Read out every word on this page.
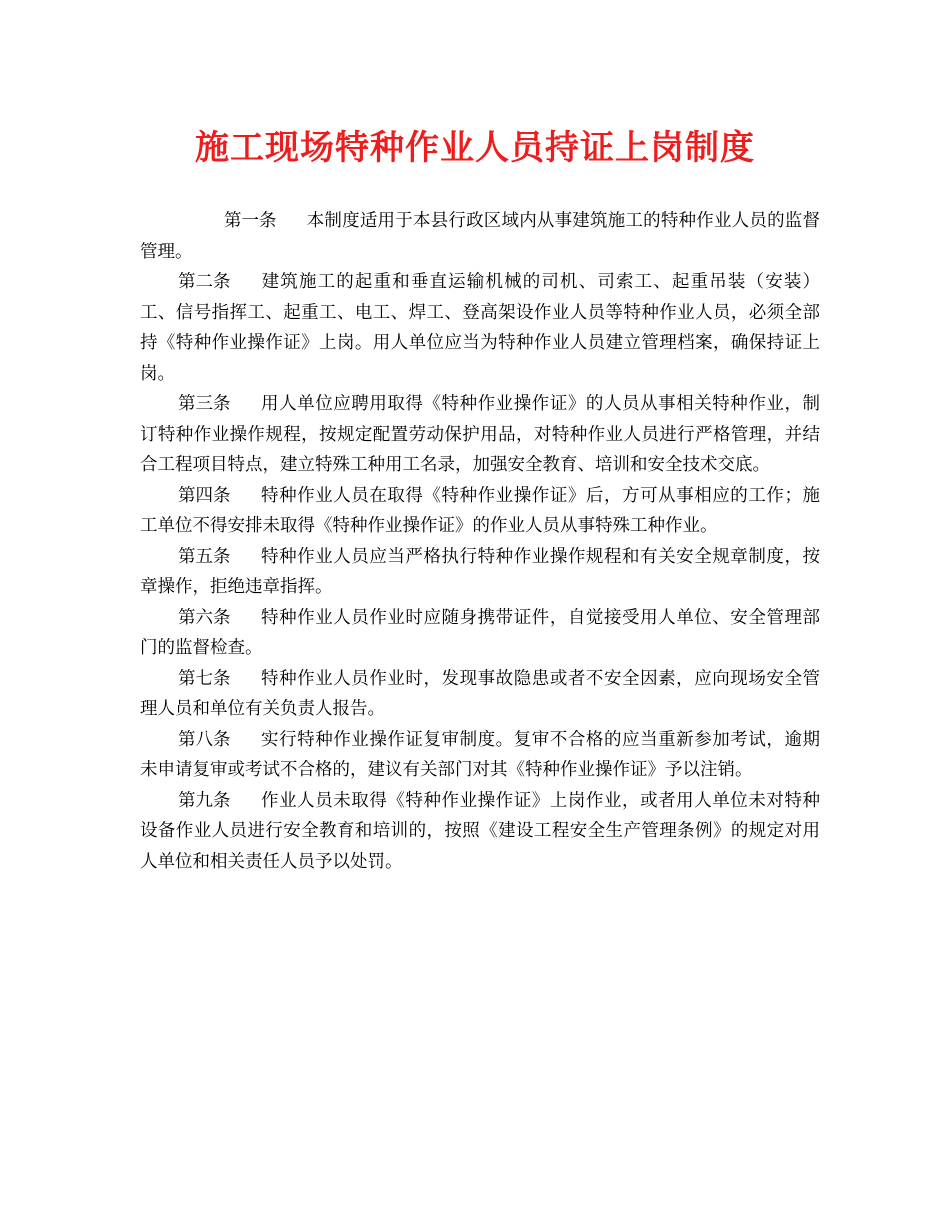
施工现场特种作业人员持证上岗制度

第一条 本制度适用于本县行政区域内从事建筑施工的特种作业人员的监督管理。

第二条 建筑施工的起重和垂直运输机械的司机、司索工、起重吊装（安装）工、信号指挥工、起重工、电工、焊工、登高架设作业人员等特种作业人员，必须全部持《特种作业操作证》上岗。用人单位应当为特种作业人员建立管理档案，确保持证上岗。

第三条 用人单位应聘用取得《特种作业操作证》的人员从事相关特种作业，制订特种作业操作规程，按规定配置劳动保护用品，对特种作业人员进行严格管理，并结合工程项目特点，建立特殊工种用工名录，加强安全教育、培训和安全技术交底。

第四条 特种作业人员在取得《特种作业操作证》后，方可从事相应的工作；施工单位不得安排未取得《特种作业操作证》的作业人员从事特殊工种作业。

第五条 特种作业人员应当严格执行特种作业操作规程和有关安全规章制度，按章操作，拒绝违章指挥。

第六条 特种作业人员作业时应随身携带证件，自觉接受用人单位、安全管理部门的监督检查。

第七条 特种作业人员作业时，发现事故隐患或者不安全因素，应向现场安全管理人员和单位有关负责人报告。

第八条 实行特种作业操作证复审制度。复审不合格的应当重新参加考试，逾期未申请复审或考试不合格的，建议有关部门对其《特种作业操作证》予以注销。

第九条 作业人员未取得《特种作业操作证》上岗作业，或者用人单位未对特种设备作业人员进行安全教育和培训的，按照《建设工程安全生产管理条例》的规定对用人单位和相关责任人员予以处罚。
